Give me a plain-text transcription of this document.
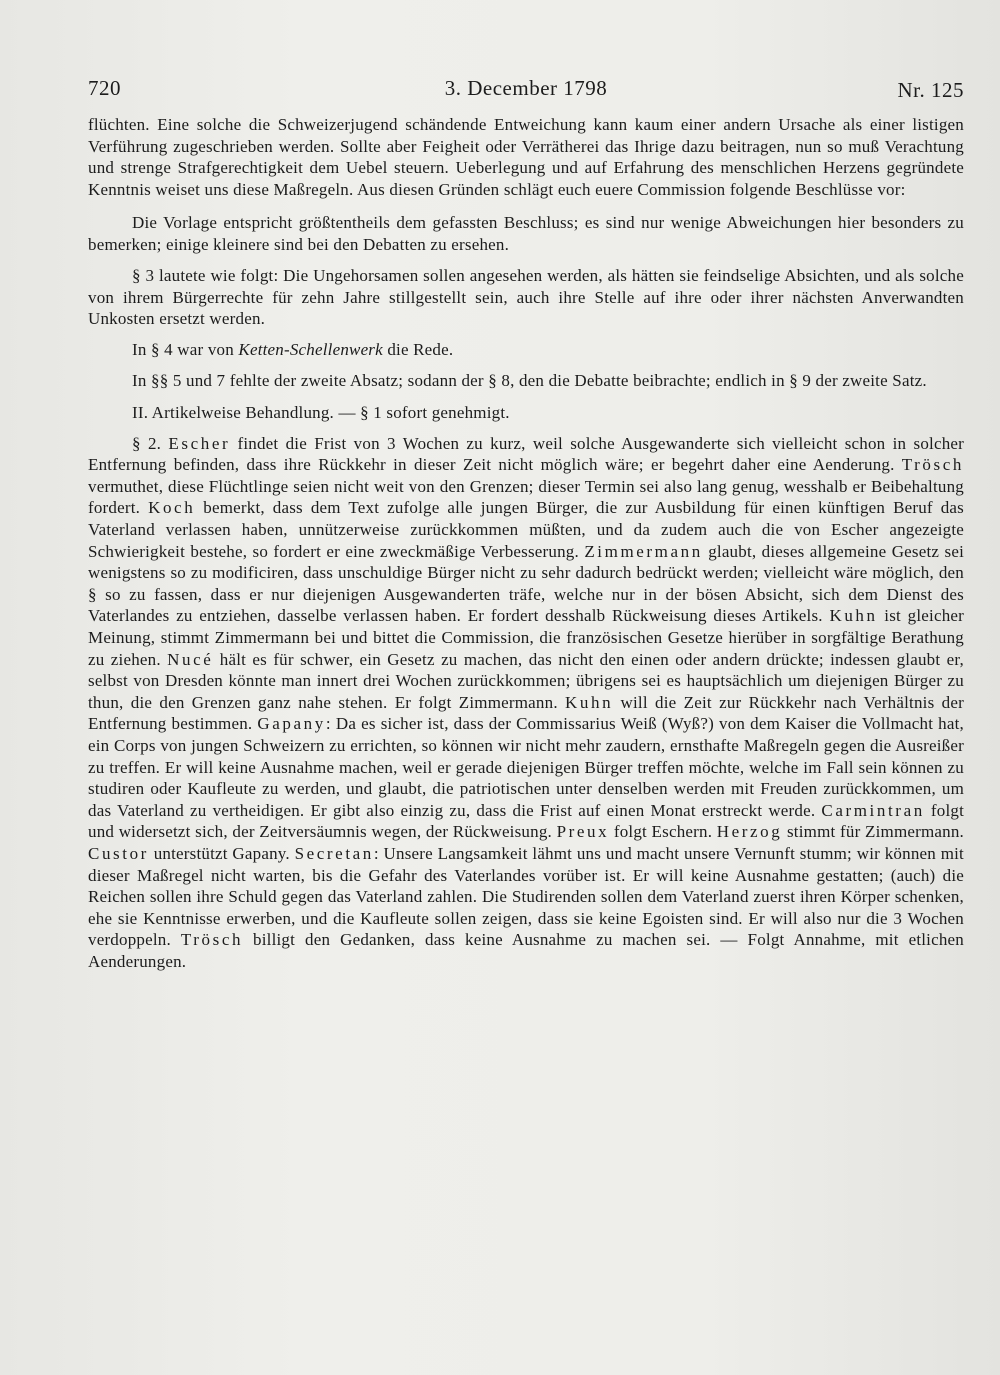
720	3. December 1798	Nr. 125

flüchten. Eine solche die Schweizerjugend schändende Entweichung kann kaum einer andern Ursache als einer listigen Verführung zugeschrieben werden. Sollte aber Feigheit oder Verrätherei das Ihrige dazu beitragen, nun so muß Verachtung und strenge Strafgerechtigkeit dem Uebel steuern. Ueberlegung und auf Erfahrung des menschlichen Herzens gegründete Kenntnis weiset uns diese Maßregeln. Aus diesen Gründen schlägt euch euere Commission folgende Beschlüsse vor:

Die Vorlage entspricht größtentheils dem gefassten Beschluss; es sind nur wenige Abweichungen hier besonders zu bemerken; einige kleinere sind bei den Debatten zu ersehen.

§ 3 lautete wie folgt: Die Ungehorsamen sollen angesehen werden, als hätten sie feindselige Absichten, und als solche von ihrem Bürgerrechte für zehn Jahre stillgestellt sein, auch ihre Stelle auf ihre oder ihrer nächsten Anverwandten Unkosten ersetzt werden.

In § 4 war von Ketten-Schellenwerk die Rede.

In §§ 5 und 7 fehlte der zweite Absatz; sodann der § 8, den die Debatte beibrachte; endlich in § 9 der zweite Satz.

II. Artikelweise Behandlung. — § 1 sofort genehmigt.

§ 2. Escher findet die Frist von 3 Wochen zu kurz, weil solche Ausgewanderte sich vielleicht schon in solcher Entfernung befinden, dass ihre Rückkehr in dieser Zeit nicht möglich wäre; er begehrt daher eine Aenderung. Trösch vermuthet, diese Flüchtlinge seien nicht weit von den Grenzen; dieser Termin sei also lang genug, wesshalb er Beibehaltung fordert. Koch bemerkt, dass dem Text zufolge alle jungen Bürger, die zur Ausbildung für einen künftigen Beruf das Vaterland verlassen haben, unnützerweise zurückkommen müßten, und da zudem auch die von Escher angezeigte Schwierigkeit bestehe, so fordert er eine zweckmäßige Verbesserung. Zimmermann glaubt, dieses allgemeine Gesetz sei wenigstens so zu modificiren, dass unschuldige Bürger nicht zu sehr dadurch bedrückt werden; vielleicht wäre möglich, den § so zu fassen, dass er nur diejenigen Ausgewanderten träfe, welche nur in der bösen Absicht, sich dem Dienst des Vaterlandes zu entziehen, dasselbe verlassen haben. Er fordert desshalb Rückweisung dieses Artikels. Kuhn ist gleicher Meinung, stimmt Zimmermann bei und bittet die Commission, die französischen Gesetze hierüber in sorgfältige Berathung zu ziehen. Nucé hält es für schwer, ein Gesetz zu machen, das nicht den einen oder andern drückte; indessen glaubt er, selbst von Dresden könnte man innert drei Wochen zurückkommen; übrigens sei es hauptsächlich um diejenigen Bürger zu thun, die den Grenzen ganz nahe stehen. Er folgt Zimmermann. Kuhn will die Zeit zur Rückkehr nach Verhältnis der Entfernung bestimmen. Gapany: Da es sicher ist, dass der Commissarius Weiß (Wyß?) von dem Kaiser die Vollmacht hat, ein Corps von jungen Schweizern zu errichten, so können wir nicht mehr zaudern, ernsthafte Maßregeln gegen die Ausreißer zu treffen. Er will keine Ausnahme machen, weil er gerade diejenigen Bürger treffen möchte, welche im Fall sein können zu studiren oder Kaufleute zu werden, und glaubt, die patriotischen unter denselben werden mit Freuden zurückkommen, um das Vaterland zu vertheidigen. Er gibt also einzig zu, dass die Frist auf einen Monat erstreckt werde. Carmintran folgt und widersetzt sich, der Zeitversäumnis wegen, der Rückweisung. Preux folgt Eschern. Herzog stimmt für Zimmermann. Custor unterstützt Gapany. Secretan: Unsere Langsamkeit lähmt uns und macht unsere Vernunft stumm; wir können mit dieser Maßregel nicht warten, bis die Gefahr des Vaterlandes vorüber ist. Er will keine Ausnahme gestatten; (auch) die Reichen sollen ihre Schuld gegen das Vaterland zahlen. Die Studirenden sollen dem Vaterland zuerst ihren Körper schenken, ehe sie Kenntnisse erwerben, und die Kaufleute sollen zeigen, dass sie keine Egoisten sind. Er will also nur die 3 Wochen verdoppeln. Trösch billigt den Gedanken, dass keine Ausnahme zu machen sei. — Folgt Annahme, mit etlichen Aenderungen.
